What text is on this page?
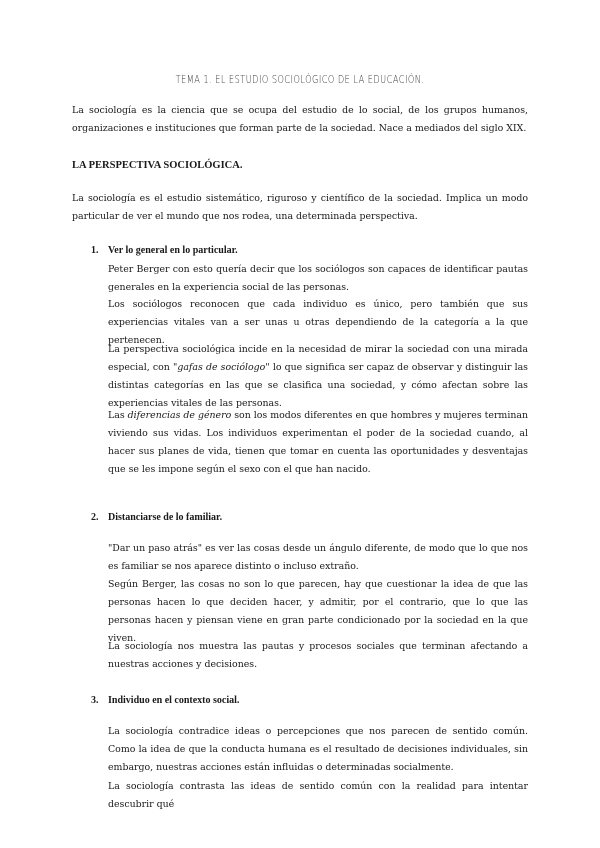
TEMA 1. EL ESTUDIO SOCIOLÓGICO DE LA EDUCACIÓN.

La sociología es la ciencia que se ocupa del estudio de lo social, de los grupos humanos, organizaciones e instituciones que forman parte de la sociedad. Nace a mediados del siglo XIX.

LA PERSPECTIVA SOCIOLÓGICA.

La sociología es el estudio sistemático, riguroso y científico de la sociedad. Implica un modo particular de ver el mundo que nos rodea, una determinada perspectiva.

1. Ver lo general en lo particular.

Peter Berger con esto quería decir que los sociólogos son capaces de identificar pautas generales en la experiencia social de las personas.

Los sociólogos reconocen que cada individuo es único, pero también que sus experiencias vitales van a ser unas u otras dependiendo de la categoría a la que pertenecen.

La perspectiva sociológica incide en la necesidad de mirar la sociedad con una mirada especial, con "gafas de sociólogo" lo que significa ser capaz de observar y distinguir las distintas categorías en las que se clasifica una sociedad, y cómo afectan sobre las experiencias vitales de las personas.

Las diferencias de género son los modos diferentes en que hombres y mujeres terminan viviendo sus vidas. Los individuos experimentan el poder de la sociedad cuando, al hacer sus planes de vida, tienen que tomar en cuenta las oportunidades y desventajas que se les impone según el sexo con el que han nacido.

2. Distanciarse de lo familiar.

"Dar un paso atrás" es ver las cosas desde un ángulo diferente, de modo que lo que nos es familiar se nos aparece distinto o incluso extraño.

Según Berger, las cosas no son lo que parecen, hay que cuestionar la idea de que las personas hacen lo que deciden hacer, y admitir, por el contrario, que lo que las personas hacen y piensan viene en gran parte condicionado por la sociedad en la que viven.

La sociología nos muestra las pautas y procesos sociales que terminan afectando a nuestras acciones y decisiones.

3. Individuo en el contexto social.

La sociología contradice ideas o percepciones que nos parecen de sentido común. Como la idea de que la conducta humana es el resultado de decisiones individuales, sin embargo, nuestras acciones están influidas o determinadas socialmente.

La sociología contrasta las ideas de sentido común con la realidad para intentar descubrir qué
